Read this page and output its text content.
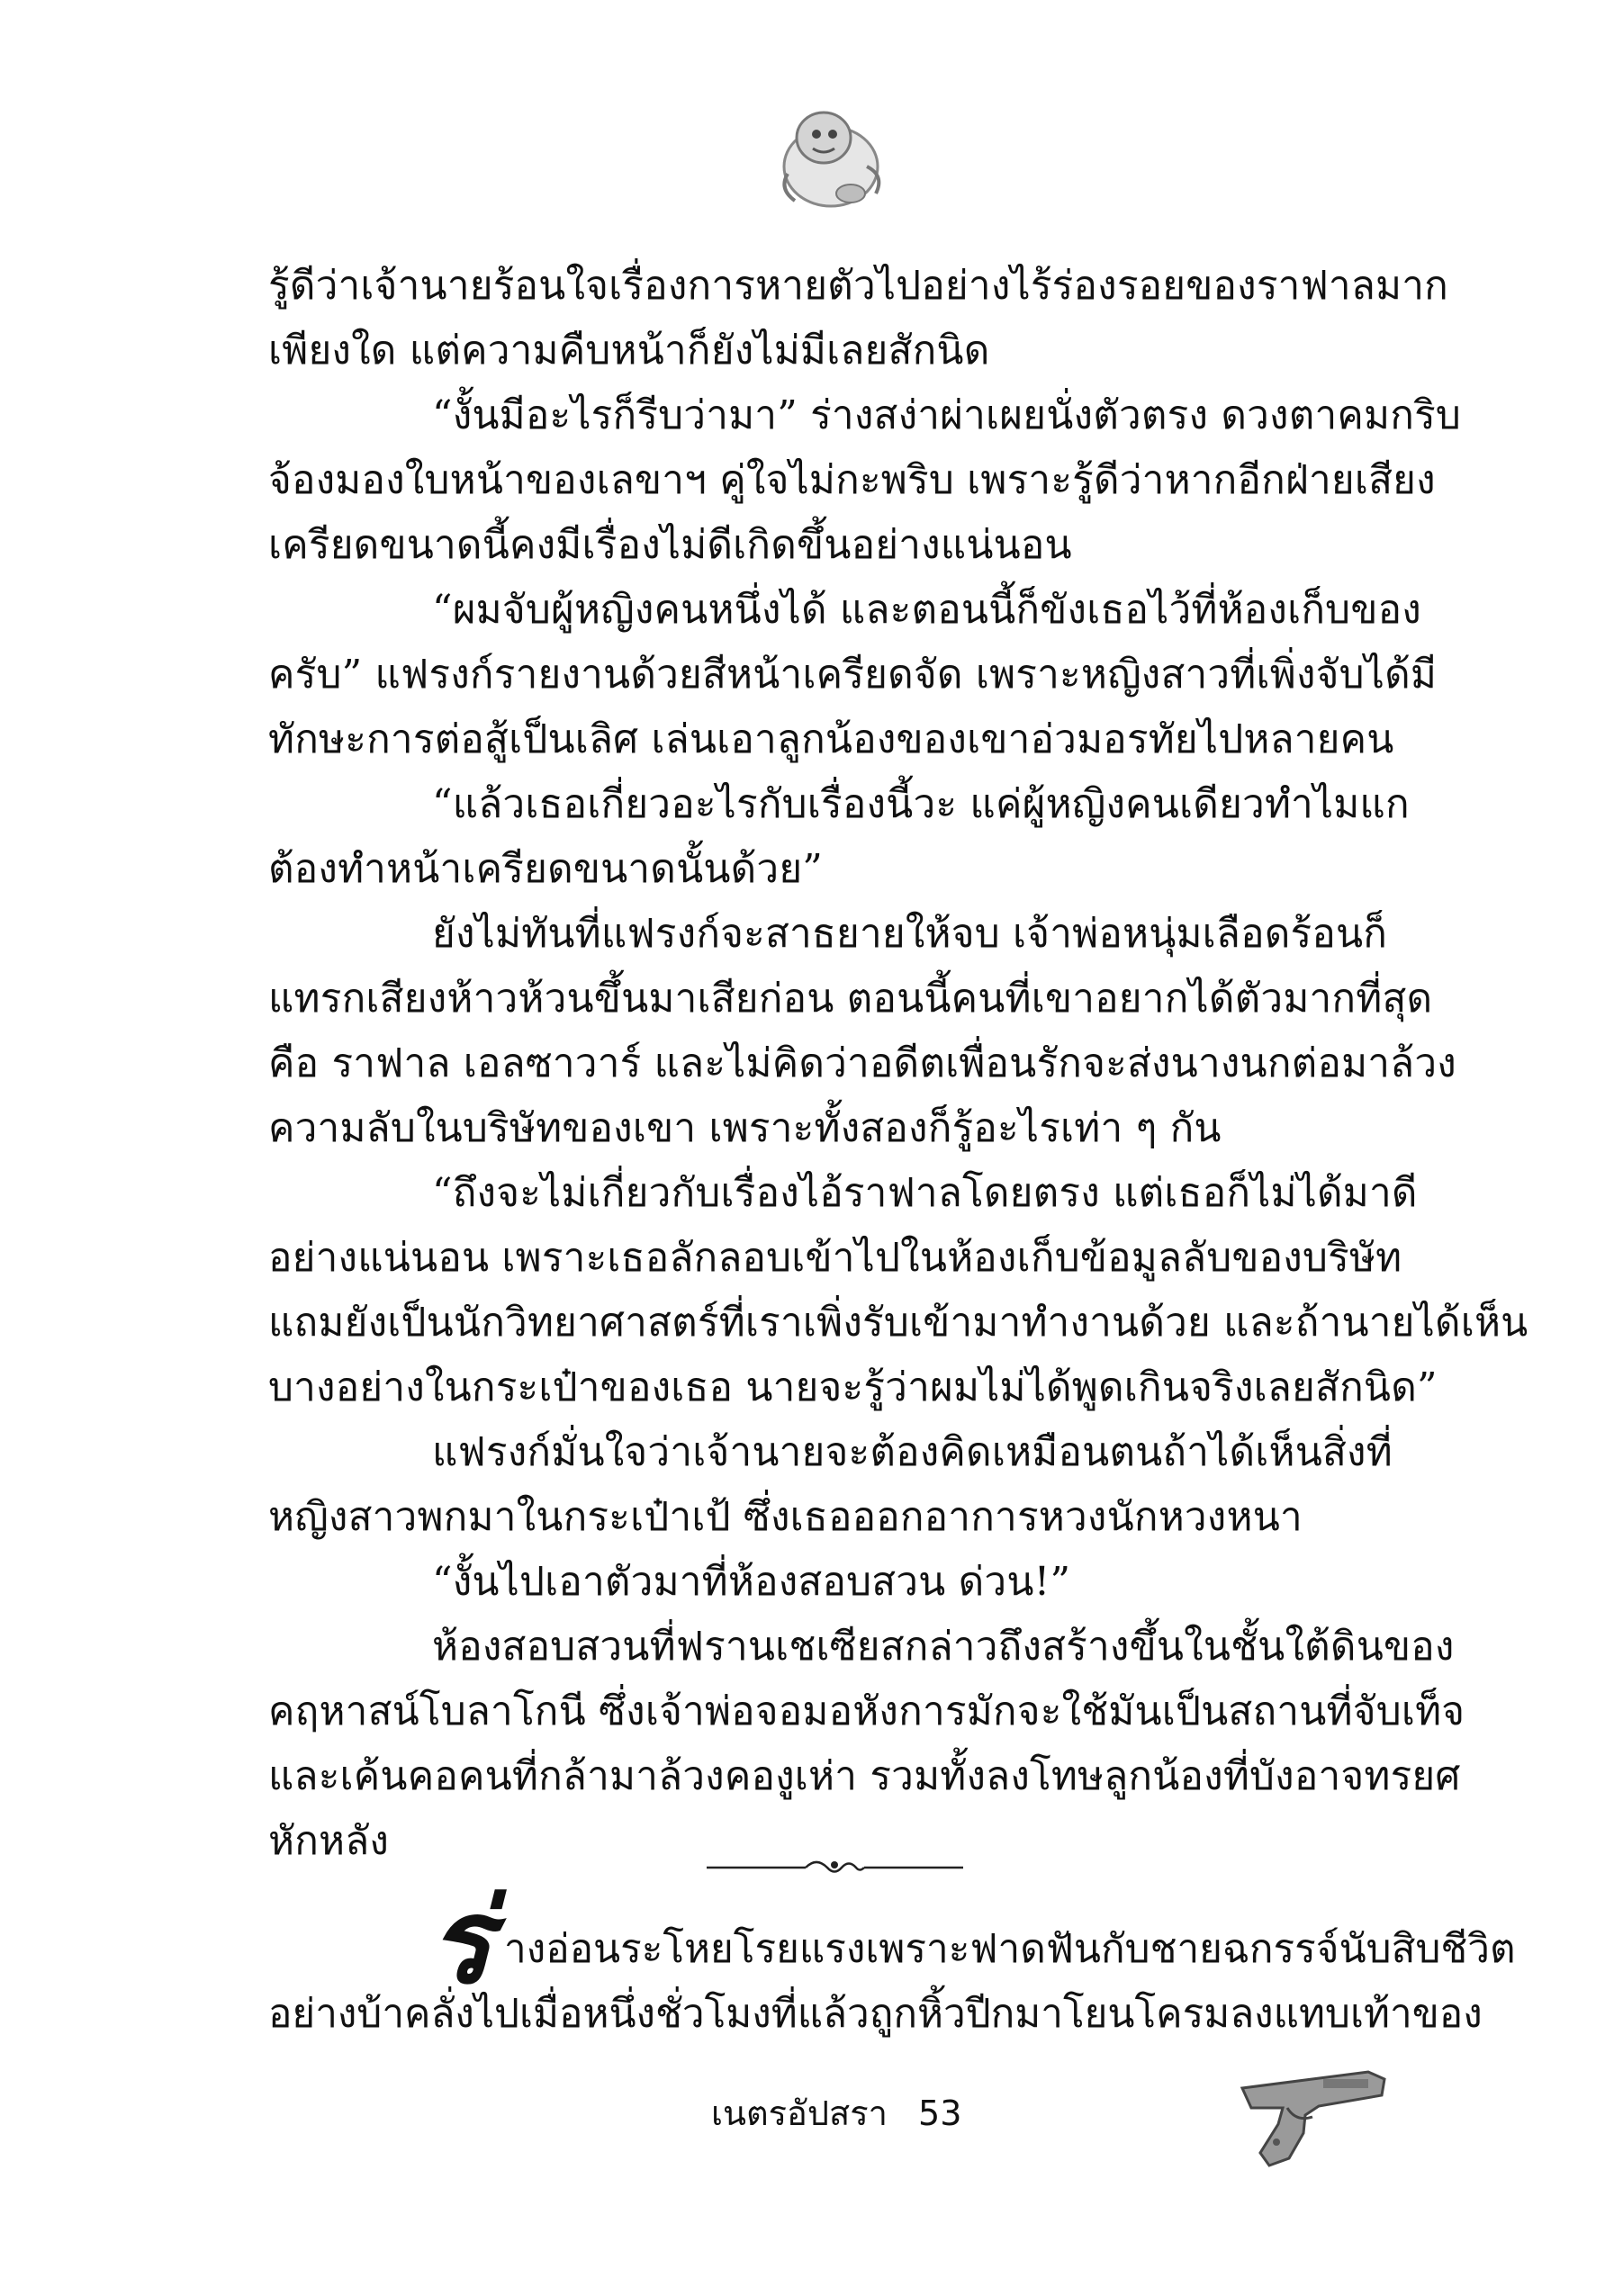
รู้ดีว่าเจ้านายร้อนใจเรื่องการหายตัวไปอย่างไร้ร่องรอยของราฟาลมาก
เพียงใด แต่ความคืบหน้าก็ยังไม่มีเลยสักนิด
“งั้นมีอะไรก็รีบว่ามา” ร่างสง่าผ่าเผยนั่งตัวตรง ดวงตาคมกริบ
จ้องมองใบหน้าของเลขาฯ คู่ใจไม่กะพริบ เพราะรู้ดีว่าหากอีกฝ่ายเสียง
เครียดขนาดนี้คงมีเรื่องไม่ดีเกิดขึ้นอย่างแน่นอน
“ผมจับผู้หญิงคนหนึ่งได้ และตอนนี้ก็ขังเธอไว้ที่ห้องเก็บของ
ครับ” แฟรงก์รายงานด้วยสีหน้าเครียดจัด เพราะหญิงสาวที่เพิ่งจับได้มี
ทักษะการต่อสู้เป็นเลิศ เล่นเอาลูกน้องของเขาอ่วมอรทัยไปหลายคน
“แล้วเธอเกี่ยวอะไรกับเรื่องนี้วะ แค่ผู้หญิงคนเดียวทำไมแก
ต้องทำหน้าเครียดขนาดนั้นด้วย”
ยังไม่ทันที่แฟรงก์จะสาธยายให้จบ เจ้าพ่อหนุ่มเลือดร้อนก็
แทรกเสียงห้าวห้วนขึ้นมาเสียก่อน ตอนนี้คนที่เขาอยากได้ตัวมากที่สุด
คือ ราฟาล เอลซาวาร์ และไม่คิดว่าอดีตเพื่อนรักจะส่งนางนกต่อมาล้วง
ความลับในบริษัทของเขา เพราะทั้งสองก็รู้อะไรเท่า ๆ กัน
“ถึงจะไม่เกี่ยวกับเรื่องไอ้ราฟาลโดยตรง แต่เธอก็ไม่ได้มาดี
อย่างแน่นอน เพราะเธอลักลอบเข้าไปในห้องเก็บข้อมูลลับของบริษัท
แถมยังเป็นนักวิทยาศาสตร์ที่เราเพิ่งรับเข้ามาทำงานด้วย และถ้านายได้เห็น
บางอย่างในกระเป๋าของเธอ นายจะรู้ว่าผมไม่ได้พูดเกินจริงเลยสักนิด”
แฟรงก์มั่นใจว่าเจ้านายจะต้องคิดเหมือนตนถ้าได้เห็นสิ่งที่
หญิงสาวพกมาในกระเป๋าเป้ ซึ่งเธอออกอาการหวงนักหวงหนา
“งั้นไปเอาตัวมาที่ห้องสอบสวน ด่วน!”
ห้องสอบสวนที่ฟรานเชเซียสกล่าวถึงสร้างขึ้นในชั้นใต้ดินของ
คฤหาสน์โบลาโกนี ซึ่งเจ้าพ่อจอมอหังการมักจะใช้มันเป็นสถานที่จับเท็จ
และเค้นคอคนที่กล้ามาล้วงคองูเห่า รวมทั้งลงโทษลูกน้องที่บังอาจทรยศ
หักหลัง
ร่ างอ่อนระโหยโรยแรงเพราะฟาดฟันกับชายฉกรรจ์นับสิบชีวิต
อย่างบ้าคลั่งไปเมื่อหนึ่งชั่วโมงที่แล้วถูกหิ้วปีกมาโยนโครมลงแทบเท้าของ
เนตรอัปสรา 53
